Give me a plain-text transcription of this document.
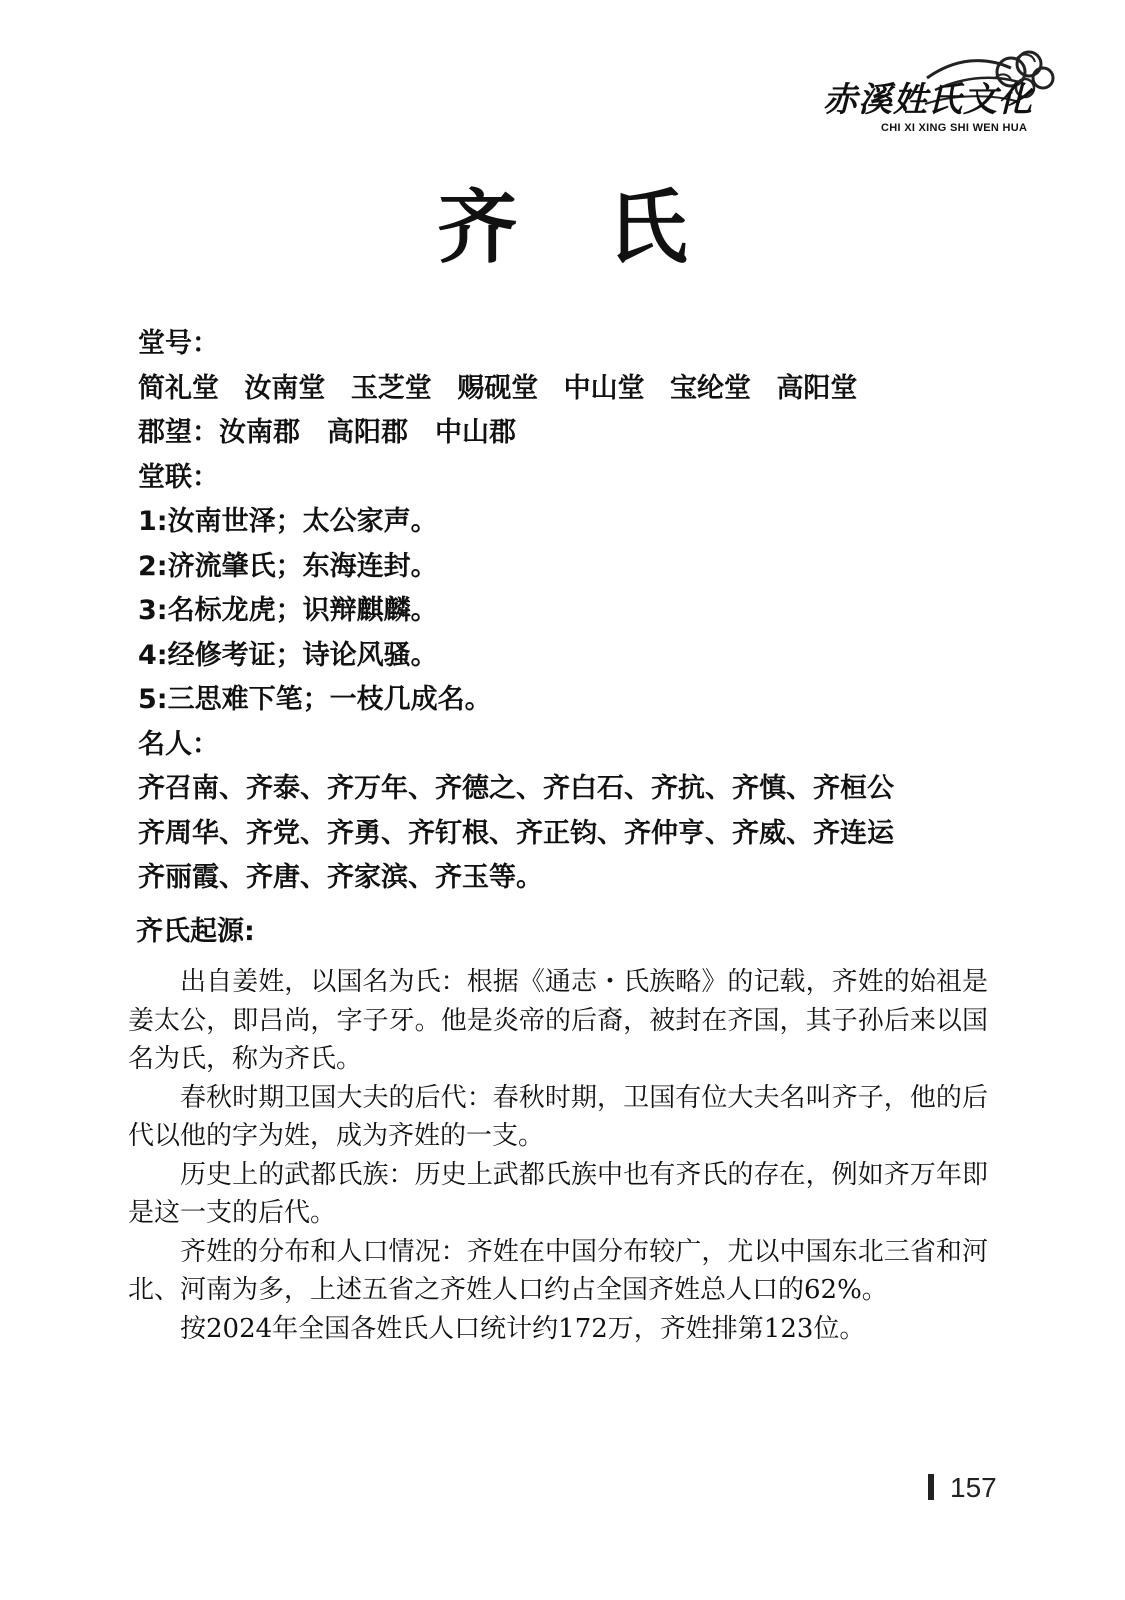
赤溪姓氏文化
CHI XI XING SHI WEN HUA
齐氏
堂号：
简礼堂 汝南堂 玉芝堂 赐砚堂 中山堂 宝纶堂 高阳堂
郡望：汝南郡　高阳郡　中山郡
堂联：
1:汝南世泽；太公家声。
2:济流肇氏；东海连封。
3:名标龙虎；识辩麒麟。
4:经修考证；诗论风骚。
5:三思难下笔；一枝几成名。
名人：
齐召南、齐泰、齐万年、齐德之、齐白石、齐抗、齐慎、齐桓公
齐周华、齐党、齐勇、齐钉根、齐正钧、齐仲亨、齐威、齐连运
齐丽霞、齐唐、齐家滨、齐玉等。
齐氏起源:

出自姜姓，以国名为氏：根据《通志・氏族略》的记载，齐姓的始祖是姜太公，即吕尚，字子牙。他是炎帝的后裔，被封在齐国，其子孙后来以国名为氏，称为齐氏。

春秋时期卫国大夫的后代：春秋时期，卫国有位大夫名叫齐子，他的后代以他的字为姓，成为齐姓的一支。

历史上的武都氏族：历史上武都氏族中也有齐氏的存在，例如齐万年即是这一支的后代。

齐姓的分布和人口情况：齐姓在中国分布较广，尤以中国东北三省和河北、河南为多，上述五省之齐姓人口约占全国齐姓总人口的62%。

按2024年全国各姓氏人口统计约172万，齐姓排第123位。

157
